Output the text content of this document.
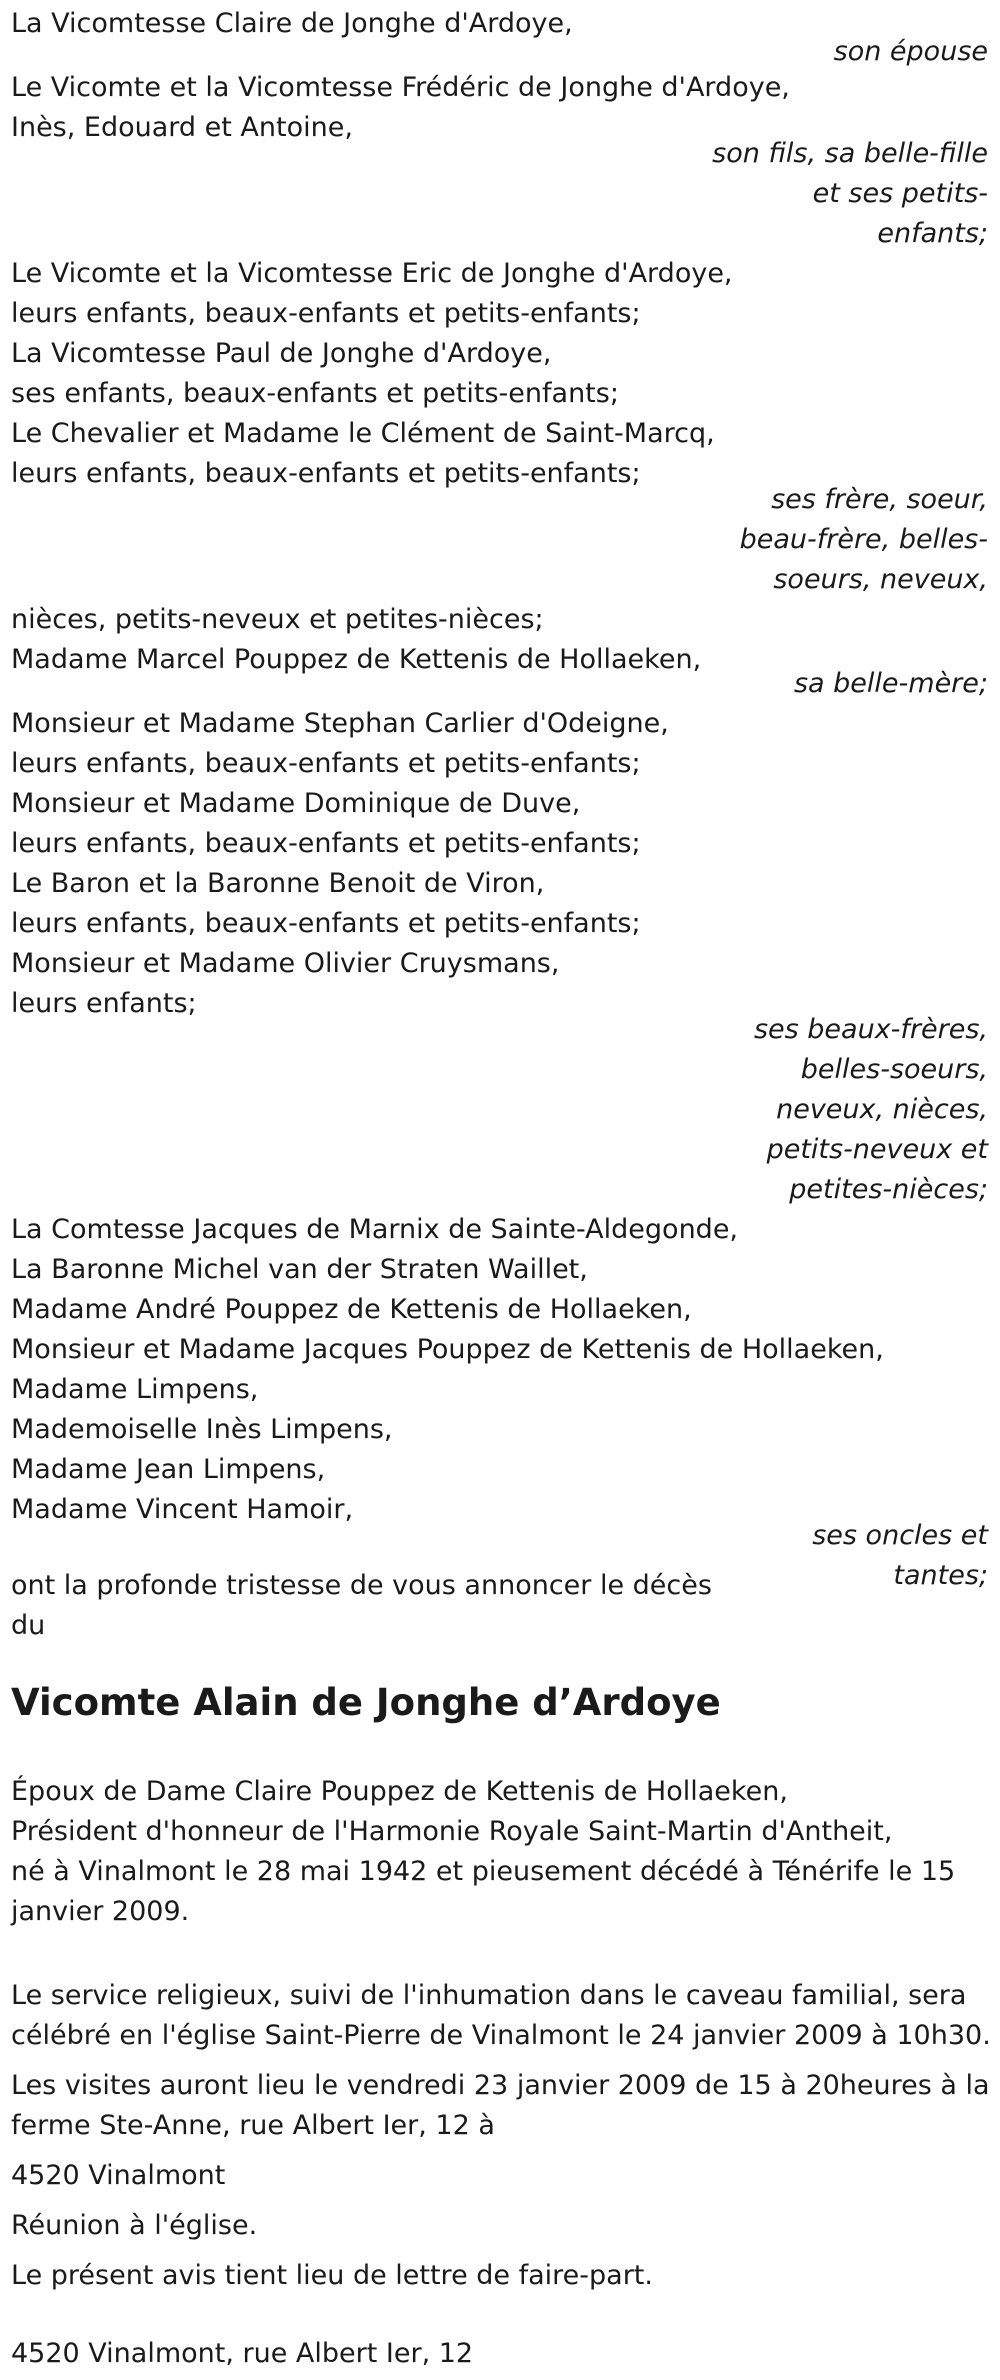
La Vicomtesse Claire de Jonghe d'Ardoye,
Le Vicomte et la Vicomtesse Frédéric de Jonghe d'Ardoye,
Inès, Edouard et Antoine,
Le Vicomte et la Vicomtesse Eric de Jonghe d'Ardoye,
leurs enfants, beaux-enfants et petits-enfants;
La Vicomtesse Paul de Jonghe d'Ardoye,
ses enfants, beaux-enfants et petits-enfants;
Le Chevalier et Madame le Clément de Saint-Marcq,
leurs enfants, beaux-enfants et petits-enfants;
nièces, petits-neveux et petites-nièces;
Madame Marcel Pouppez de Kettenis de Hollaeken,
Monsieur et Madame Stephan Carlier d'Odeigne,
leurs enfants, beaux-enfants et petits-enfants;
Monsieur et Madame Dominique de Duve,
leurs enfants, beaux-enfants et petits-enfants;
Le Baron et la Baronne Benoit de Viron,
leurs enfants, beaux-enfants et petits-enfants;
Monsieur et Madame Olivier Cruysmans,
leurs enfants;
La Comtesse Jacques de Marnix de Sainte-Aldegonde,
La Baronne Michel van der Straten Waillet,
Madame André Pouppez de Kettenis de Hollaeken,
Monsieur et Madame Jacques Pouppez de Kettenis de Hollaeken,
Madame Limpens,
Mademoiselle Inès Limpens,
Madame Jean Limpens,
Madame Vincent Hamoir,
ont la profonde tristesse de vous annoncer le décès
du
son épouse
son fils, sa belle-fille
et ses petits-
enfants;
ses frère, soeur,
beau-frère, belles-
soeurs, neveux,
sa belle-mère;
ses beaux-frères,
belles-soeurs,
neveux, nièces,
petits-neveux et
petites-nièces;
ses oncles et
tantes;
Vicomte Alain de Jonghe d’Ardoye
Époux de Dame Claire Pouppez de Kettenis de Hollaeken,
Président d'honneur de l'Harmonie Royale Saint-Martin d'Antheit,
né à Vinalmont le 28 mai 1942 et pieusement décédé à Ténérife le 15
janvier 2009.
Le service religieux, suivi de l'inhumation dans le caveau familial, sera
célébré en l'église Saint-Pierre de Vinalmont le 24 janvier 2009 à 10h30.
Les visites auront lieu le vendredi 23 janvier 2009 de 15 à 20heures à la
ferme Ste-Anne, rue Albert Ier, 12 à
4520 Vinalmont
Réunion à l'église.
Le présent avis tient lieu de lettre de faire-part.
4520 Vinalmont, rue Albert Ier, 12
